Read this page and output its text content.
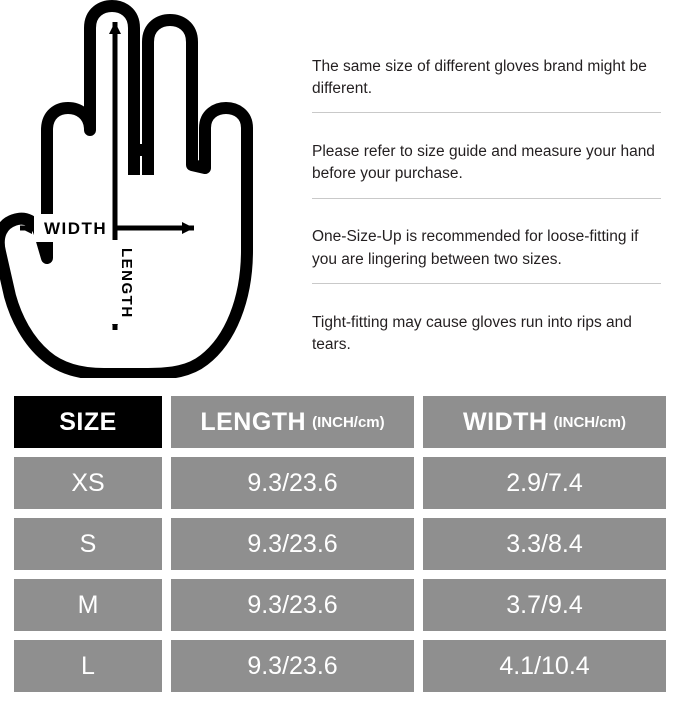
WIDTH
LENGTH

The same size of different gloves brand might be different.

Please refer to size guide and measure your hand before your purchase.

One-Size-Up is recommended for loose-fitting if you are lingering between two sizes.

Tight-fitting may cause gloves run into rips and tears.

SIZE	LENGTH (INCH/cm)	WIDTH (INCH/cm)
XS	9.3/23.6	2.9/7.4
S	9.3/23.6	3.3/8.4
M	9.3/23.6	3.7/9.4
L	9.3/23.6	4.1/10.4
